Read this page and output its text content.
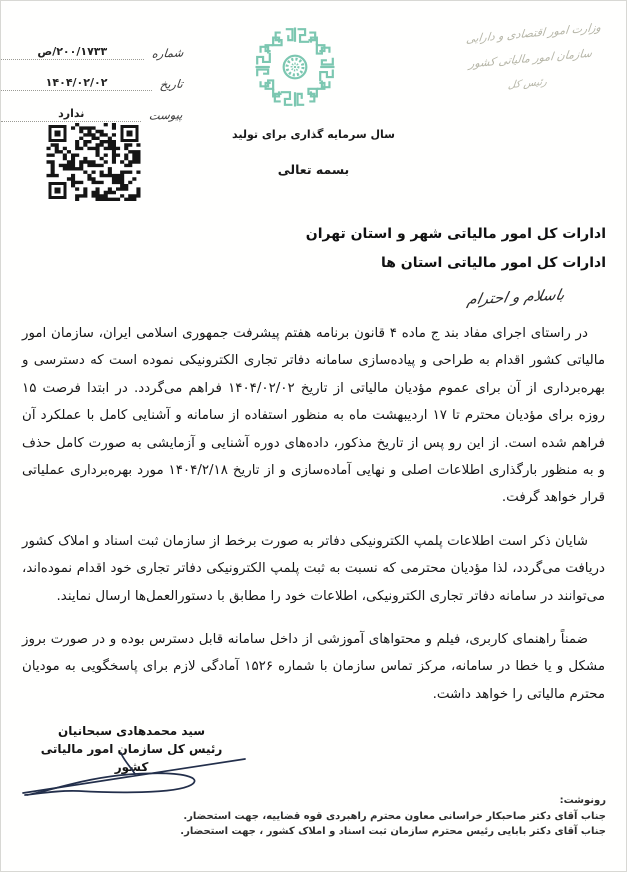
شماره
۲۰۰/۱۷۳۳/ص
تاریخ
۱۴۰۴/۰۲/۰۲
پیوست
ندارد
وزارت امور اقتصادی و دارایی
سازمان امور مالیاتی کشور
رئیس کل
سال سرمایه گذاری برای تولید
بسمه تعالی
ادارات کل امور مالیاتی شهر و استان تهران
ادارات کل امور مالیاتی استان ها
باسلام و احترام

در راستای اجرای مفاد بند ج ماده ۴ قانون برنامه هفتم پیشرفت جمهوری اسلامی ایران، سازمان امور مالیاتی کشور اقدام به طراحی و پیاده‌سازی سامانه دفاتر تجاری الکترونیکی نموده است که دسترسی و بهره‌برداری از آن برای عموم مؤدیان مالیاتی از تاریخ ۱۴۰۴/۰۲/۰۲ فراهم می‌گردد. در ابتدا فرصت ۱۵ روزه برای مؤدیان محترم تا ۱۷ اردیبهشت ماه به منظور استفاده از سامانه و آشنایی کامل با عملکرد آن فراهم شده است. از این رو پس از تاریخ مذکور، داده‌های دوره آشنایی و آزمایشی به صورت کامل حذف و به منظور بارگذاری اطلاعات اصلی و نهایی آماده‌سازی و از تاریخ ۱۴۰۴/۲/۱۸ مورد بهره‌برداری عملیاتی قرار خواهد گرفت.

شایان ذکر است اطلاعات پلمپ الکترونیکی دفاتر به صورت برخط از سازمان ثبت اسناد و املاک کشور دریافت می‌گردد، لذا مؤدیان محترمی که نسبت به ثبت پلمپ الکترونیکی دفاتر تجاری خود اقدام نموده‌اند، می‌توانند در سامانه دفاتر تجاری الکترونیکی، اطلاعات خود را مطابق با دستورالعمل‌ها ارسال نمایند.

ضمناً راهنمای کاربری، فیلم و محتواهای آموزشی از داخل سامانه قابل دسترس بوده و در صورت بروز مشکل و یا خطا در سامانه، مرکز تماس سازمان با شماره ۱۵۲۶ آمادگی لازم برای پاسخگویی به مودیان محترم مالیاتی را خواهد داشت.

سید محمدهادی سبحانیان
رئیس کل سازمان امور مالیاتی کشور
رونوشت:
جناب آقای دکتر صاحبکار خراسانی معاون محترم راهبردی قوه قضاییه، جهت استحضار.
جناب آقای دکتر بابایی رئیس محترم سازمان ثبت اسناد و املاک کشور ، جهت استحضار.
